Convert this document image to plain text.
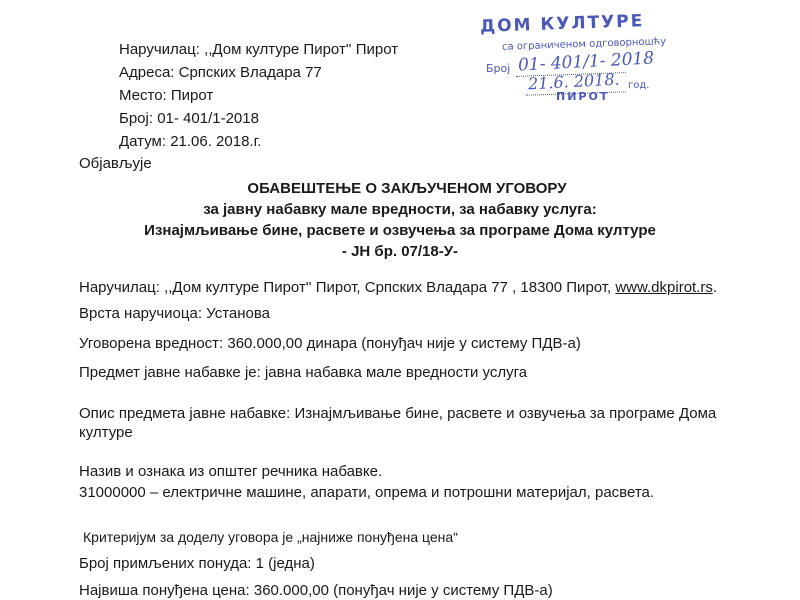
Наручилац: ,,Дом културе Пирот'' Пирот
Адреса: Српских Владара 77
Место: Пирот
Број: 01- 401/1-2018
Датум: 21.06. 2018.г.
ДОМ КУЛТУРЕ
са ограниченом одговорношћу
Број 01- 401/1- 2018
21.6. 2018. год.
ПИРОТ
Објављује
ОБАВЕШТЕЊЕ О ЗАКЉУЧЕНОМ УГОВОРУ
за јавну набавку мале вредности, за набавку услуга:
Изнајмљивање бине, расвете и озвучења за програме Дома културе
- ЈН бр. 07/18-У-
Наручилац: ,,Дом културе Пирот'' Пирот, Српских Владара 77 , 18300 Пирот, www.dkpirot.rs.
Врста наручиоца: Установа
Уговорена вредност: 360.000,00 динара (понуђач није у систему ПДВ-а)
Предмет јавне набавке је: јавна набавка мале вредности услуга
Опис предмета јавне набавке: Изнајмљивање бине, расвете и озвучења за програме Дома
културе
Назив и ознака из општег речника набавке.
31000000 – електричне машине, апарати, опрема и потрошни материјал, расвета.
Критеријум за доделу уговора је „најниже понуђена цена“
Број примљених понуда: 1 (једна)
Највиша понуђена цена: 360.000,00 (понуђач није у систему ПДВ-а)
